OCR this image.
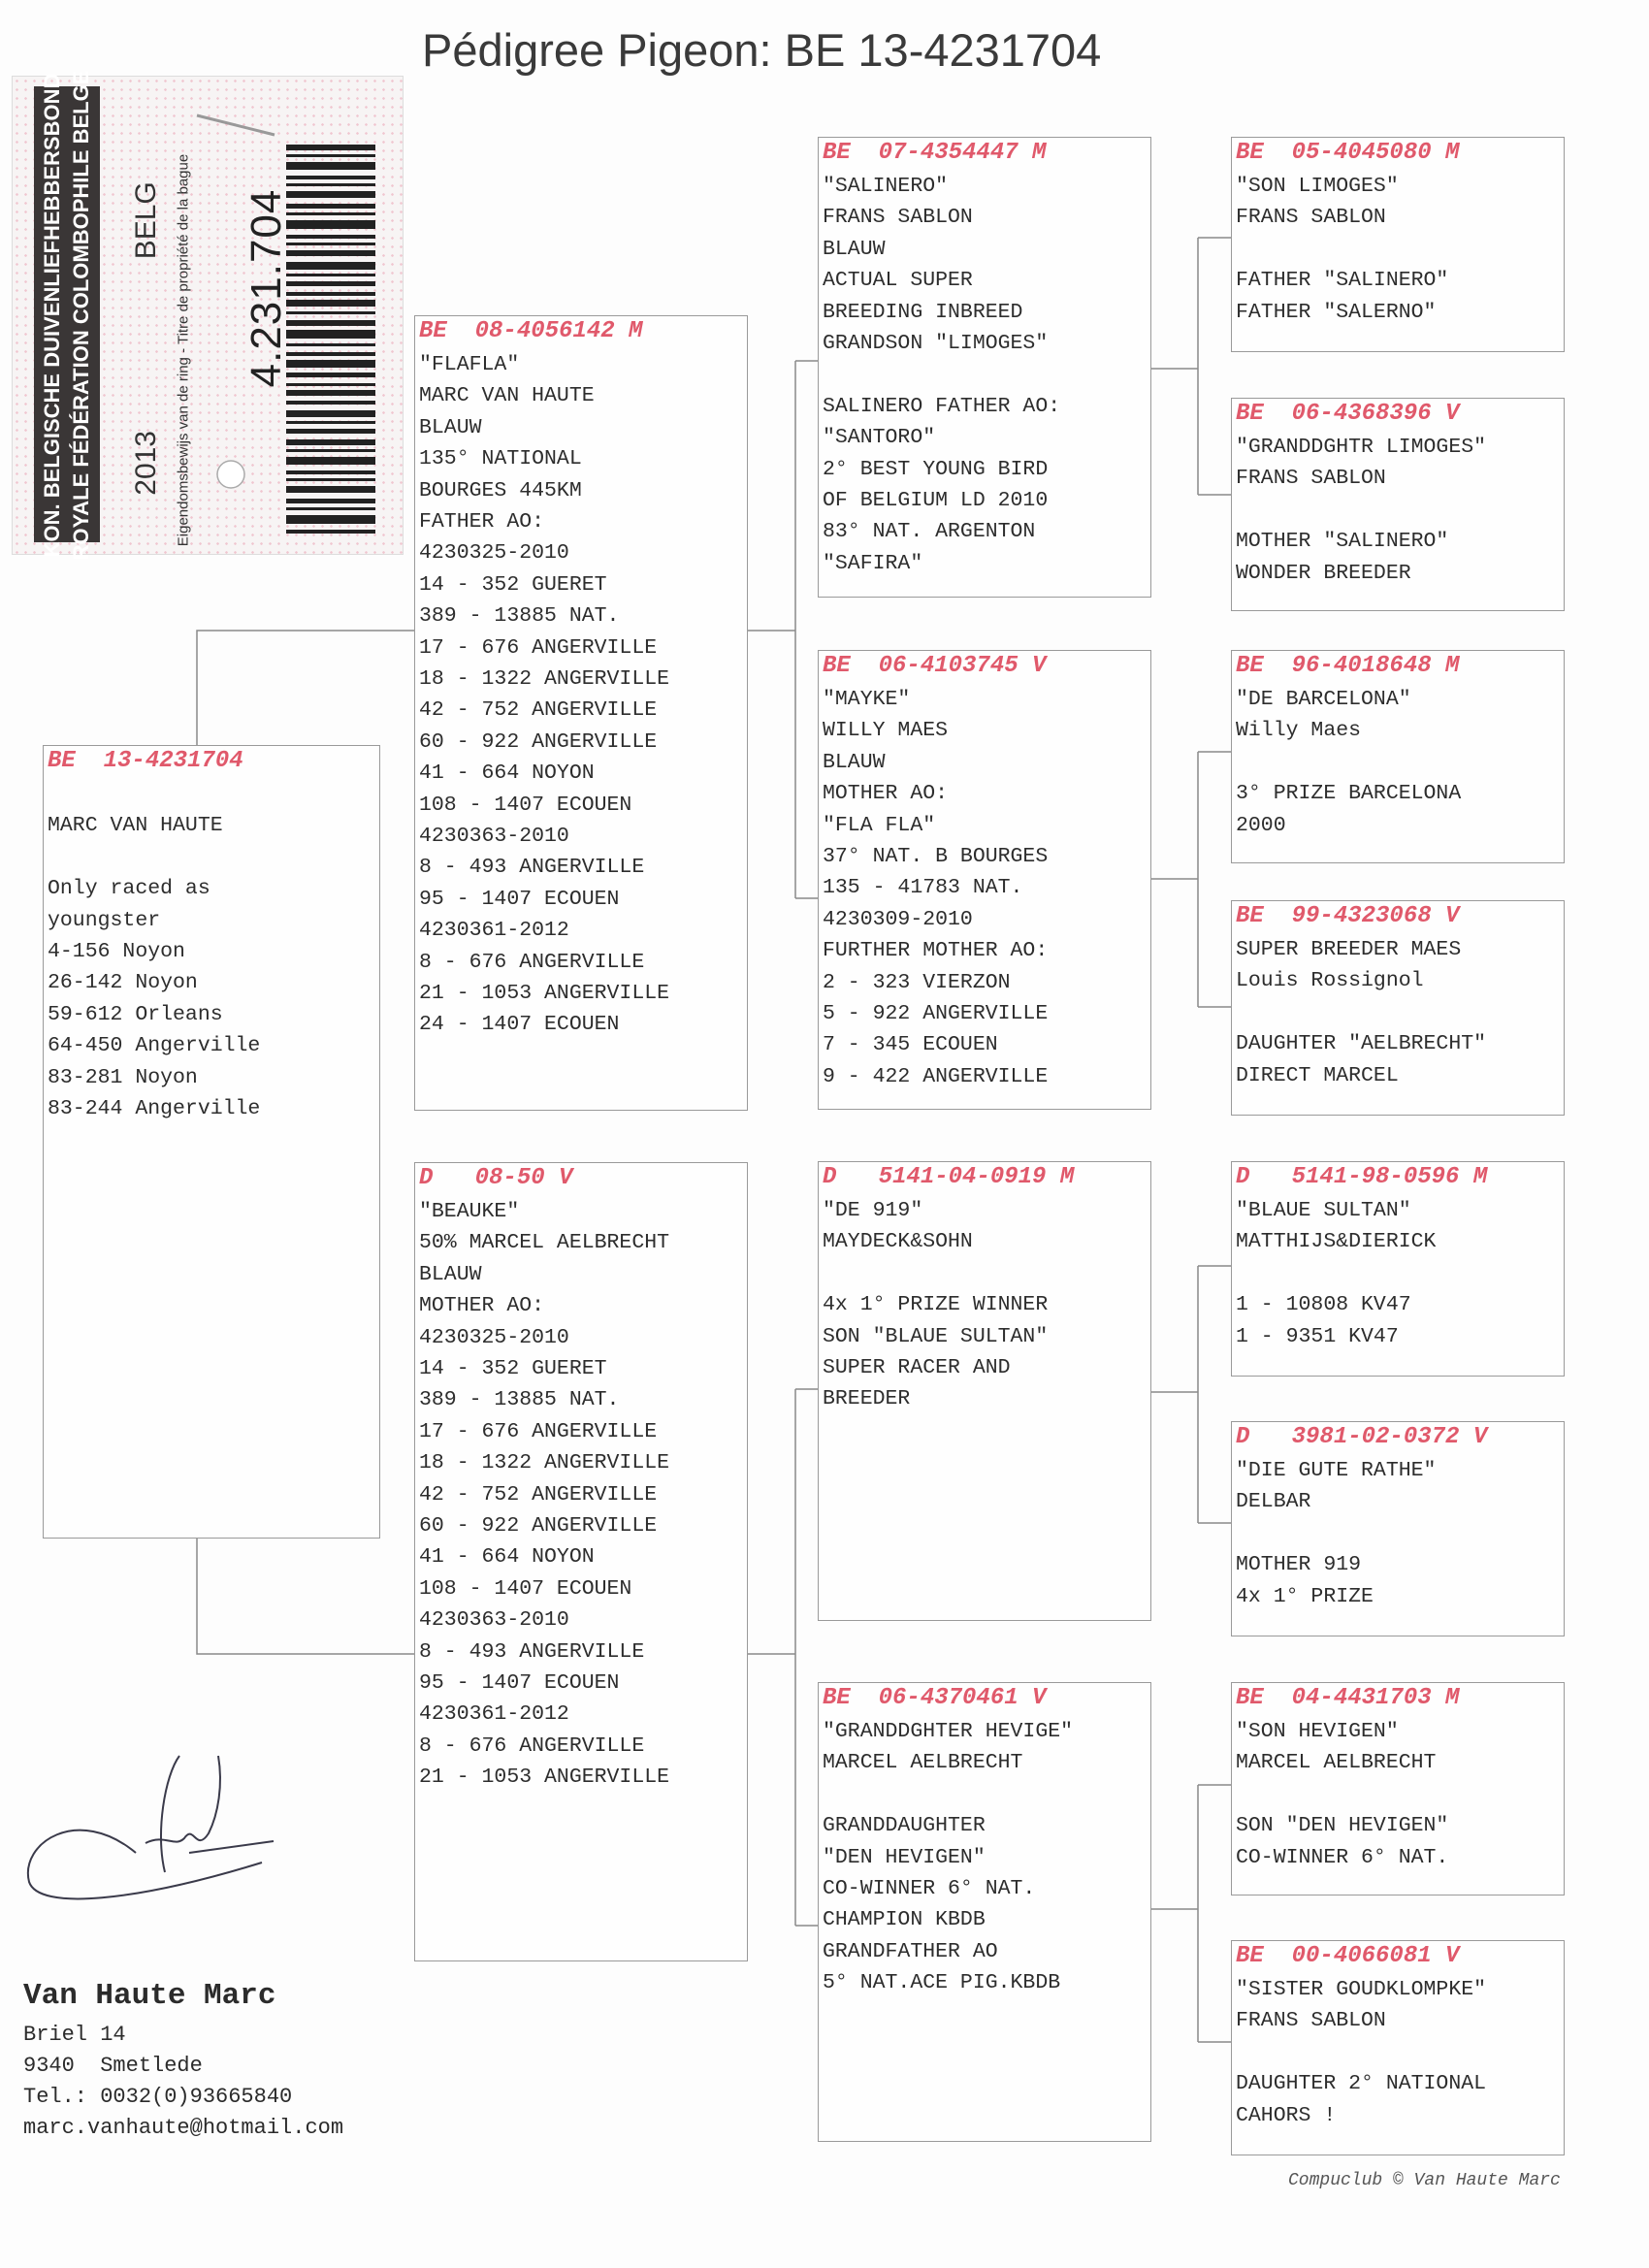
Pédigree Pigeon: BE 13-4231704
KON. BELGISCHE DUIVENLIEFHEBBERSBOND ROYALE FÉDÉRATION COLOMBOPHILE BELGE 2013  BELG Eigendomsbewijs van de ring - Titre de propriété de la bague 4.231.704
BE  13-4231704
MARC VAN HAUTE
Only raced as
youngster
4-156 Noyon
26-142 Noyon
59-612 Orleans
64-450 Angerville
83-281 Noyon
83-244 Angerville
BE  08-4056142 M
"FLAFLA"
MARC VAN HAUTE
BLAUW
135° NATIONAL
BOURGES 445KM
FATHER AO:
4230325-2010
14 - 352 GUERET
389 - 13885 NAT.
17 - 676 ANGERVILLE
18 - 1322 ANGERVILLE
42 - 752 ANGERVILLE
60 - 922 ANGERVILLE
41 - 664 NOYON
108 - 1407 ECOUEN
4230363-2010
8 - 493 ANGERVILLE
95 - 1407 ECOUEN
4230361-2012
8 - 676 ANGERVILLE
21 - 1053 ANGERVILLE
24 - 1407 ECOUEN
D   08-50 V
"BEAUKE"
50% MARCEL AELBRECHT
BLAUW
MOTHER AO:
4230325-2010
14 - 352 GUERET
389 - 13885 NAT.
17 - 676 ANGERVILLE
18 - 1322 ANGERVILLE
42 - 752 ANGERVILLE
60 - 922 ANGERVILLE
41 - 664 NOYON
108 - 1407 ECOUEN
4230363-2010
8 - 493 ANGERVILLE
95 - 1407 ECOUEN
4230361-2012
8 - 676 ANGERVILLE
21 - 1053 ANGERVILLE
BE  07-4354447 M
"SALINERO"
FRANS SABLON
BLAUW
ACTUAL SUPER
BREEDING INBREED
GRANDSON "LIMOGES"
SALINERO FATHER AO:
"SANTORO"
2° BEST YOUNG BIRD
OF BELGIUM LD 2010
83° NAT. ARGENTON
"SAFIRA"
BE  06-4103745 V
"MAYKE"
WILLY MAES
BLAUW
MOTHER AO:
"FLA FLA"
37° NAT. B BOURGES
135 - 41783 NAT.
4230309-2010
FURTHER MOTHER AO:
2 - 323 VIERZON
5 - 922 ANGERVILLE
7 - 345 ECOUEN
9 - 422 ANGERVILLE
D   5141-04-0919 M
"DE 919"
MAYDECK&SOHN
4x 1° PRIZE WINNER
SON "BLAUE SULTAN"
SUPER RACER AND
BREEDER
BE  06-4370461 V
"GRANDDGHTER HEVIGE"
MARCEL AELBRECHT
GRANDDAUGHTER
"DEN HEVIGEN"
CO-WINNER 6° NAT.
CHAMPION KBDB
GRANDFATHER AO
5° NAT.ACE PIG.KBDB
BE  05-4045080 M
"SON LIMOGES"
FRANS SABLON
FATHER "SALINERO"
FATHER "SALERNO"
BE  06-4368396 V
"GRANDDGHTR LIMOGES"
FRANS SABLON
MOTHER "SALINERO"
WONDER BREEDER
BE  96-4018648 M
"DE BARCELONA"
Willy Maes
3° PRIZE BARCELONA
2000
BE  99-4323068 V
SUPER BREEDER MAES
Louis Rossignol
DAUGHTER "AELBRECHT"
DIRECT MARCEL
D   5141-98-0596 M
"BLAUE SULTAN"
MATTHIJS&DIERICK
1 - 10808 KV47
1 - 9351 KV47
D   3981-02-0372 V
"DIE GUTE RATHE"
DELBAR
MOTHER 919
4x 1° PRIZE
BE  04-4431703 M
"SON HEVIGEN"
MARCEL AELBRECHT
SON "DEN HEVIGEN"
CO-WINNER 6° NAT.
BE  00-4066081 V
"SISTER GOUDKLOMPKE"
FRANS SABLON
DAUGHTER 2° NATIONAL
CAHORS !
Van Haute Marc
Briel 14
9340  Smetlede
Tel.: 0032(0)93665840
marc.vanhaute@hotmail.com
Compuclub © Van Haute Marc
